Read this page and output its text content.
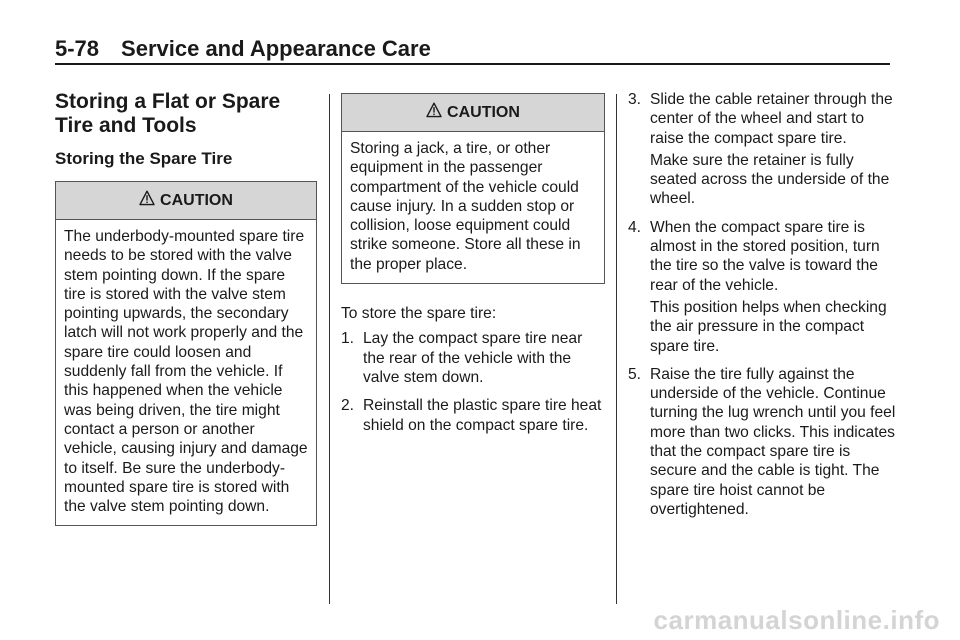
5-78 Service and Appearance Care
Storing a Flat or Spare Tire and Tools
Storing the Spare Tire
CAUTION
The underbody-mounted spare tire needs to be stored with the valve stem pointing down. If the spare tire is stored with the valve stem pointing upwards, the secondary latch will not work properly and the spare tire could loosen and suddenly fall from the vehicle. If this happened when the vehicle was being driven, the tire might contact a person or another vehicle, causing injury and damage to itself. Be sure the underbody-mounted spare tire is stored with the valve stem pointing down.
CAUTION
Storing a jack, a tire, or other equipment in the passenger compartment of the vehicle could cause injury. In a sudden stop or collision, loose equipment could strike someone. Store all these in the proper place.
To store the spare tire:
1. Lay the compact spare tire near the rear of the vehicle with the valve stem down.
2. Reinstall the plastic spare tire heat shield on the compact spare tire.
3. Slide the cable retainer through the center of the wheel and start to raise the compact spare tire.
Make sure the retainer is fully seated across the underside of the wheel.
4. When the compact spare tire is almost in the stored position, turn the tire so the valve is toward the rear of the vehicle.
This position helps when checking the air pressure in the compact spare tire.
5. Raise the tire fully against the underside of the vehicle. Continue turning the lug wrench until you feel more than two clicks. This indicates that the compact spare tire is secure and the cable is tight. The spare tire hoist cannot be overtightened.
carmanualsonline.info
